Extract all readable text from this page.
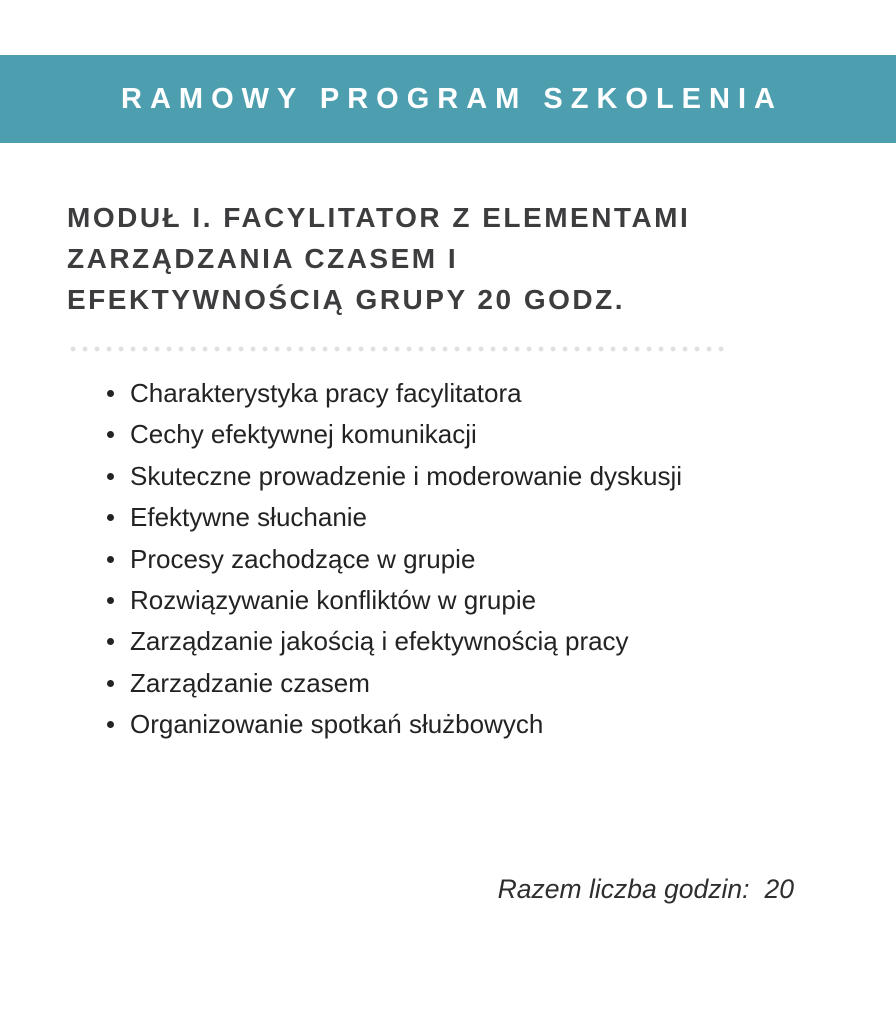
RAMOWY PROGRAM SZKOLENIA
MODUŁ I. FACYLITATOR Z ELEMENTAMI
ZARZĄDZANIA CZASEM I
EFEKTYWNOŚCIĄ GRUPY 20 GODZ.
Charakterystyka pracy facylitatora
Cechy efektywnej komunikacji
Skuteczne prowadzenie i moderowanie dyskusji
Efektywne słuchanie
Procesy zachodzące w grupie
Rozwiązywanie konfliktów w grupie
Zarządzanie jakością i efektywnością pracy
Zarządzanie czasem
Organizowanie spotkań służbowych
Razem liczba godzin: 20
